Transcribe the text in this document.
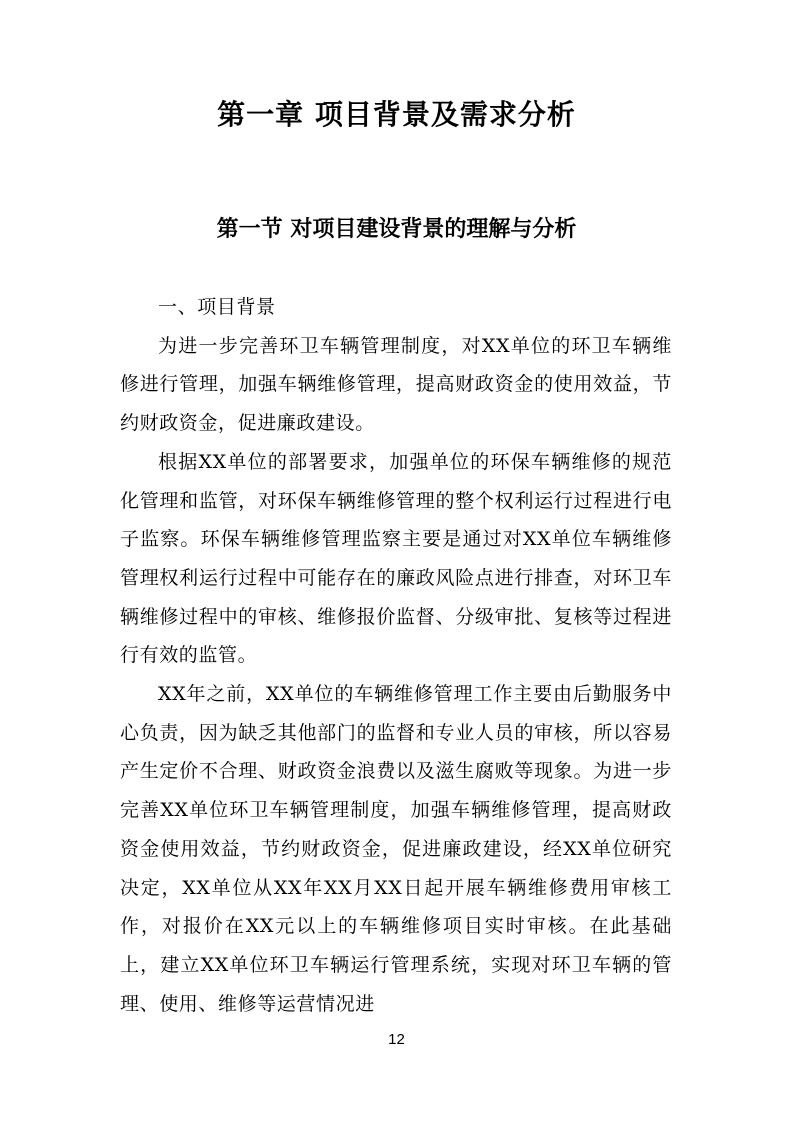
第一章 项目背景及需求分析
第一节 对项目建设背景的理解与分析

一、项目背景

为进一步完善环卫车辆管理制度，对XX单位的环卫车辆维修进行管理，加强车辆维修管理，提高财政资金的使用效益，节约财政资金，促进廉政建设。

根据XX单位的部署要求，加强单位的环保车辆维修的规范化管理和监管，对环保车辆维修管理的整个权利运行过程进行电子监察。环保车辆维修管理监察主要是通过对XX单位车辆维修管理权利运行过程中可能存在的廉政风险点进行排查，对环卫车辆维修过程中的审核、维修报价监督、分级审批、复核等过程进行有效的监管。

XX年之前，XX单位的车辆维修管理工作主要由后勤服务中心负责，因为缺乏其他部门的监督和专业人员的审核，所以容易产生定价不合理、财政资金浪费以及滋生腐败等现象。为进一步完善XX单位环卫车辆管理制度，加强车辆维修管理，提高财政资金使用效益，节约财政资金，促进廉政建设，经XX单位研究决定，XX单位从XX年XX月XX日起开展车辆维修费用审核工作，对报价在XX元以上的车辆维修项目实时审核。在此基础上，建立XX单位环卫车辆运行管理系统，实现对环卫车辆的管理、使用、维修等运营情况进

12
